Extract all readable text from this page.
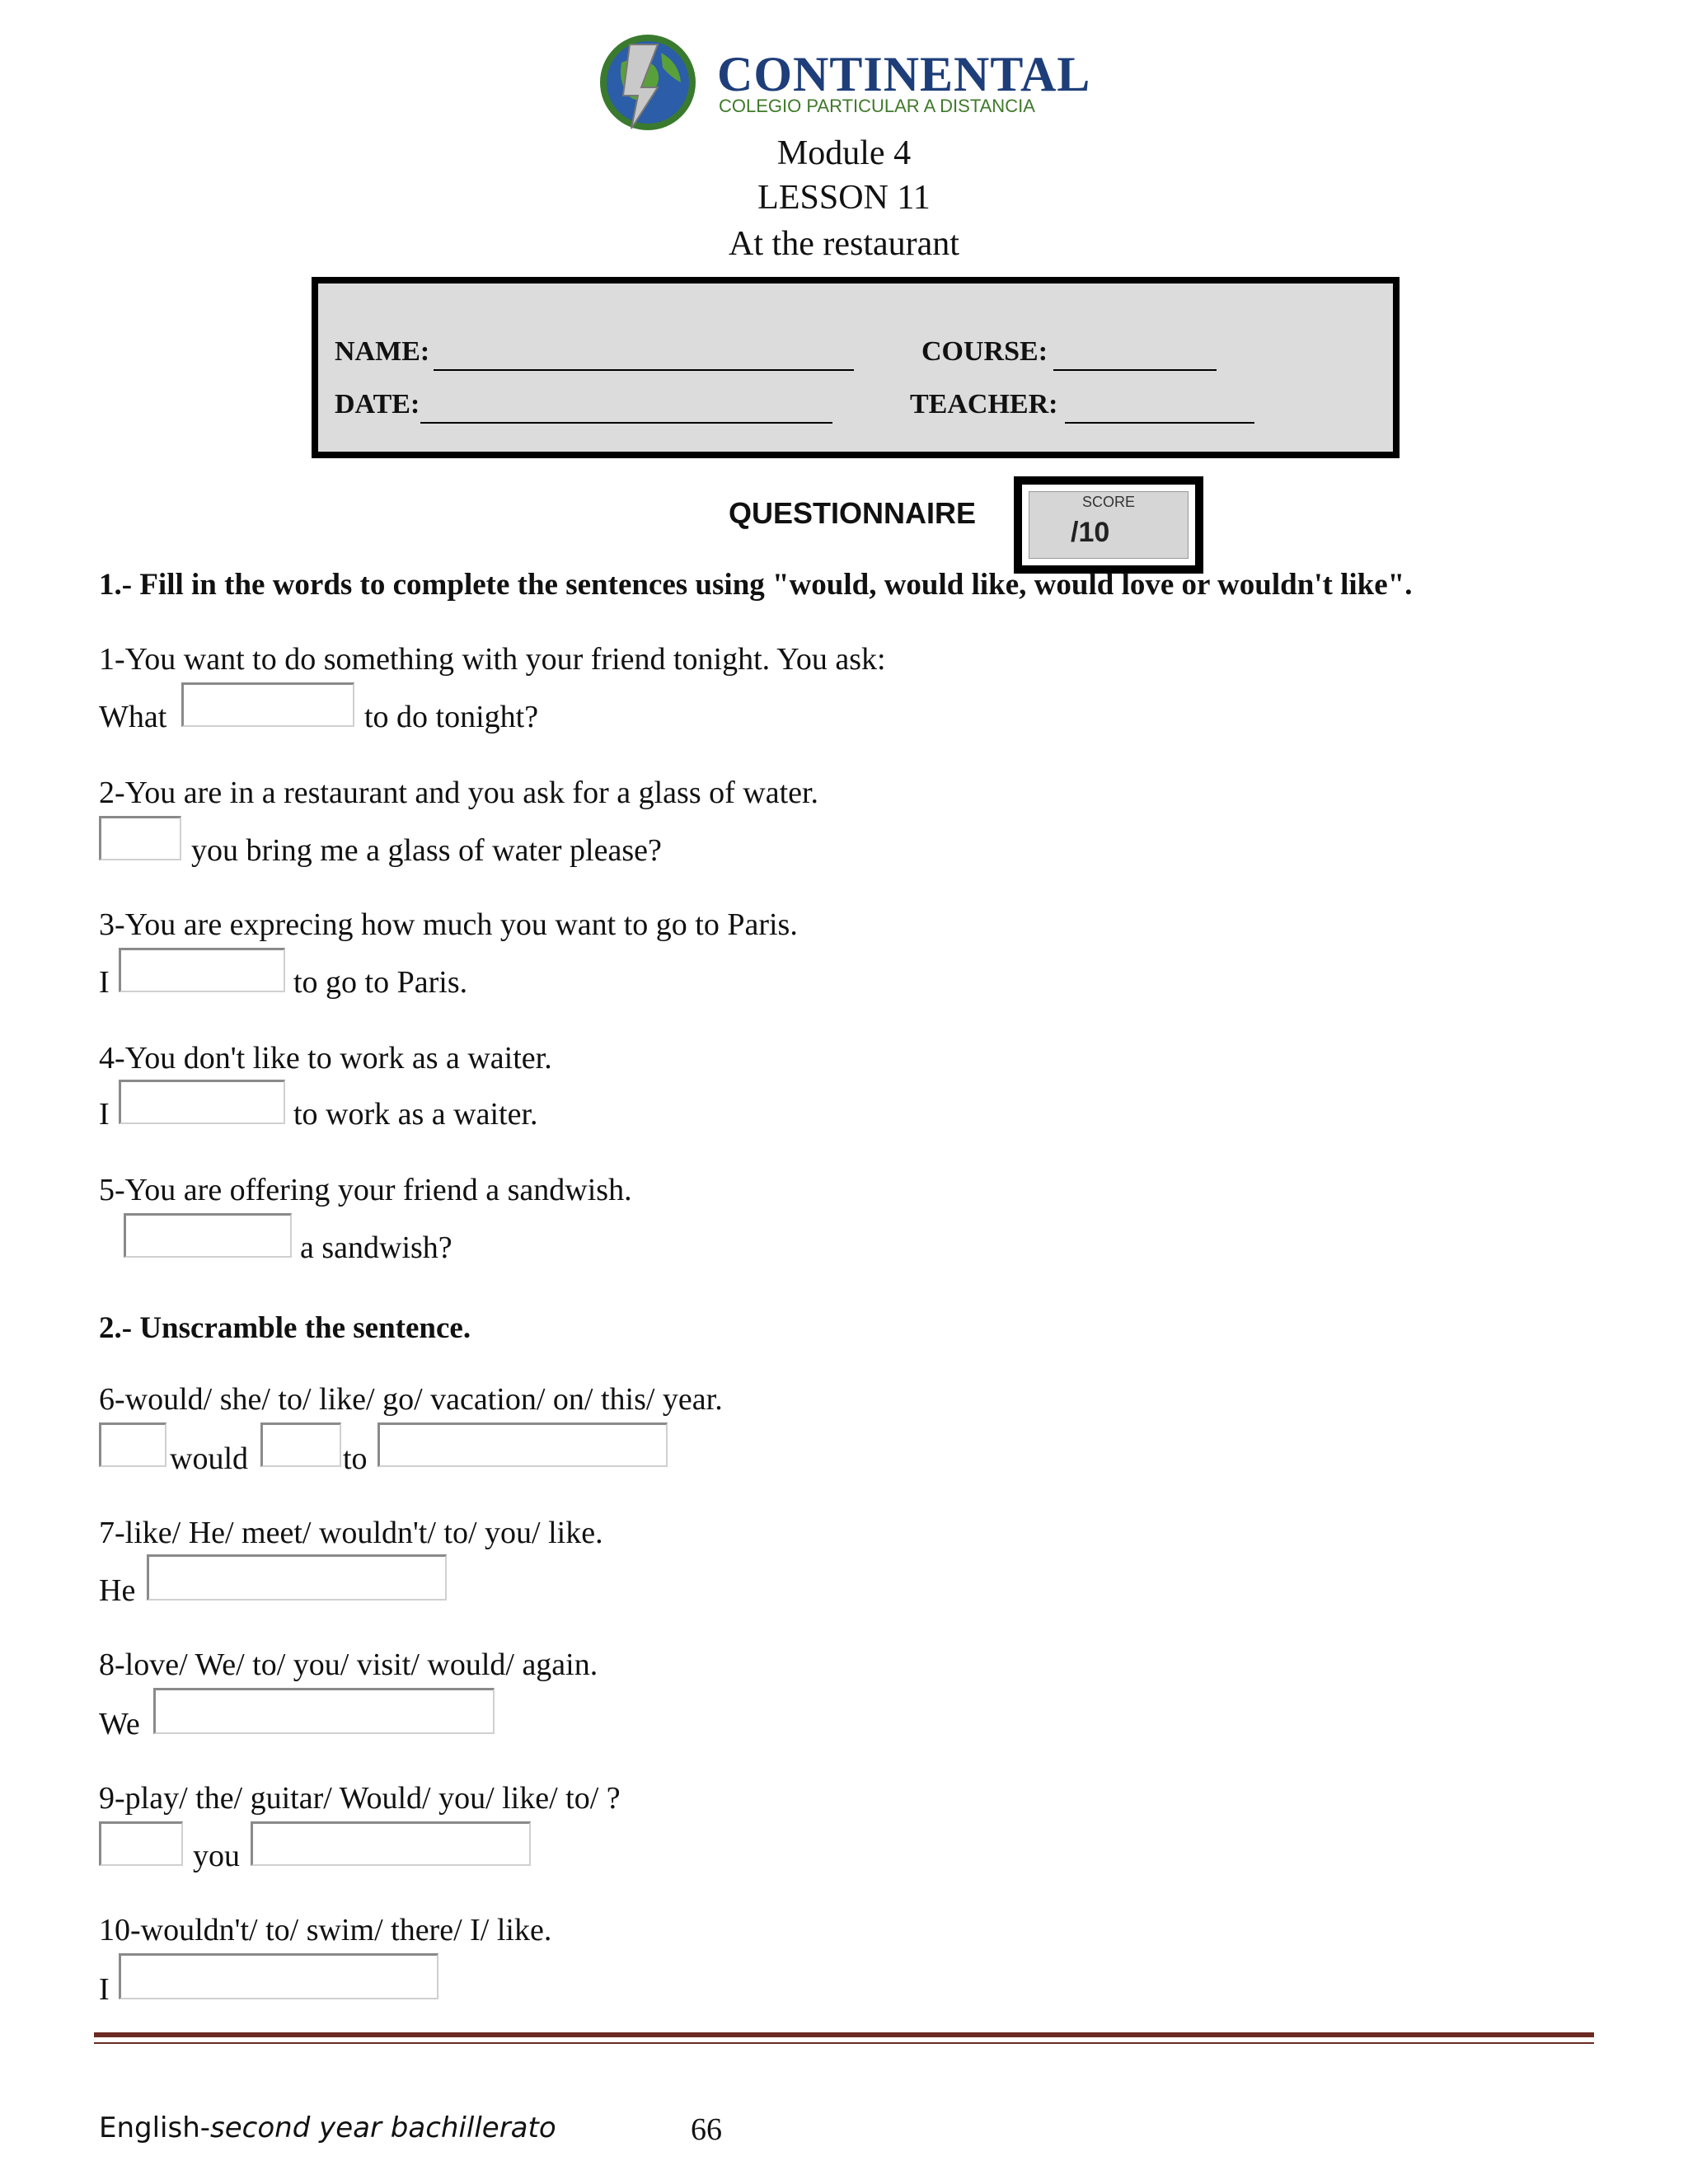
CONTINENTAL
COLEGIO PARTICULAR A DISTANCIA
Module 4
LESSON 11
At the restaurant
NAME:	COURSE:
DATE:	TEACHER:
QUESTIONNAIRE	SCORE
/10
1.- Fill in the words to complete the sentences using "would, would like, would love or wouldn't like".
1-You want to do something with your friend tonight. You ask:
What	to do tonight?
2-You are in a restaurant and you ask for a glass of water.
you bring me a glass of water please?
3-You are exprecing how much you want to go to Paris.
I	to go to Paris.
4-You don't like to work as a waiter.
I	to work as a waiter.
5-You are offering your friend a sandwish.
a sandwish?
2.- Unscramble the sentence.
6-would/ she/ to/ like/ go/ vacation/ on/ this/ year.
would	to
7-like/ He/ meet/ wouldn't/ to/ you/ like.
He
8-love/ We/ to/ you/ visit/ would/ again.
We
9-play/ the/ guitar/ Would/ you/ like/ to/ ?
you
10-wouldn't/ to/ swim/ there/ I/ like.
I
English-second year bachillerato	66
